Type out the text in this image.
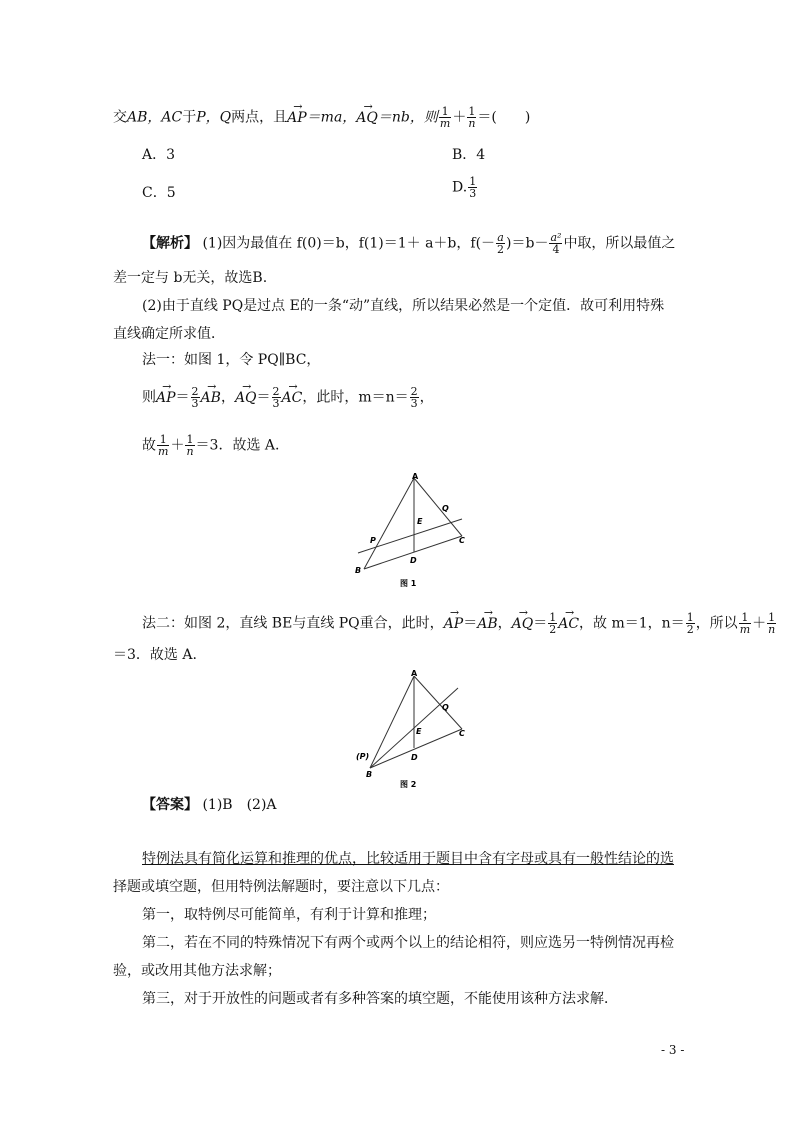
交AB，AC于P，Q两点，且→ AP＝ma，→ AQ＝nb，则 $\frac{1}{m} + \frac{1}{n}$ ＝(　　)
A．3	B．4
C．5	D. $\frac{1}{3}$
【解析】 (1)因为最值在 f(0)＝b，f(1)＝1＋ a＋b，$f(- \frac{a}{2} )=b- \frac{\text{a²}}{4}$ 中取，所以最值之
差一定与 b无关，故选B.
(2)由于直线 PQ是过点 E的一条“动”直线，所以结果必然是一个定值．故可利用特殊
直线确定所求值．
法一：如图 1，令 PQ∥BC，
则→ $AP= \frac{2}{3}$ → AB，→ $AQ= \frac{2}{3}$ → AC，此时，$m=n= \frac{2}{3}$ ，
故 $\frac{1}{m} + \frac{1}{n} =3$．故选 A.
A
B
C
D
E
P
Q
图 1
法二：如图 2，直线 BE与直线 PQ重合，此时，→ AP＝→ AB，→ $AQ= \frac{1}{2}$ → AC，故 m＝1，$n= \frac{1}{2}$ ，所以 $\frac{1}{m} + \frac{1}{n}$
＝3．故选 A.
A
(P)
B
C
D
E
Q
图 2
【答案】 (1)B　(2)A
特例法具有简化运算和推理的优点，比较适用于题目中含有字母或具有一般性结论的选
择题或填空题，但用特例法解题时，要注意以下几点：
第一，取特例尽可能简单，有利于计算和推理；
第二，若在不同的特殊情况下有两个或两个以上的结论相符，则应选另一特例情况再检
验，或改用其他方法求解；
第三，对于开放性的问题或者有多种答案的填空题，不能使用该种方法求解．
- 3 -
